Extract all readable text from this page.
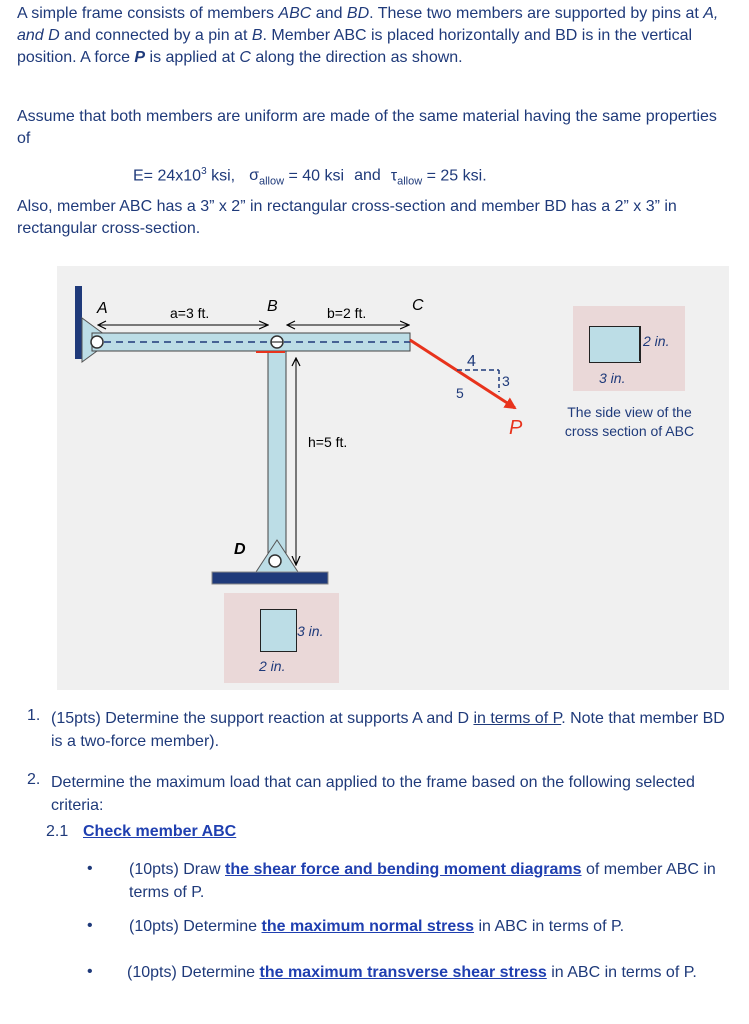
A simple frame consists of members ABC and BD. These two members are supported by pins at A, and D and connected by a pin at B. Member ABC is placed horizontally and BD is in the vertical position. A force P is applied at C along the direction as shown.

Assume that both members are uniform are made of the same material having the same properties of

$E= 24x10^3$ ksi, $\sigma_{allow} = 40$ ksi and $\tau_{allow} = 25$ ksi.

Also, member ABC has a 3” x 2” in rectangular cross-section and member BD has a 2” x 3” in rectangular cross-section.

A	B	C
D
a=3 ft.	b=2 ft.
h=5 ft.
P
4
3
5
2 in.
3 in.
The side view of the
cross section of ABC
3 in.
2 in.
1. (15pts) Determine the support reaction at supports A and D in terms of P. Note that member BD is a two-force member).
2. Determine the maximum load that can applied to the frame based on the following selected criteria:
2.1 Check member ABC
• (10pts) Draw the shear force and bending moment diagrams of member ABC in terms of P.
• (10pts) Determine the maximum normal stress in ABC in terms of P.
• (10pts) Determine the maximum transverse shear stress in ABC in terms of P.
